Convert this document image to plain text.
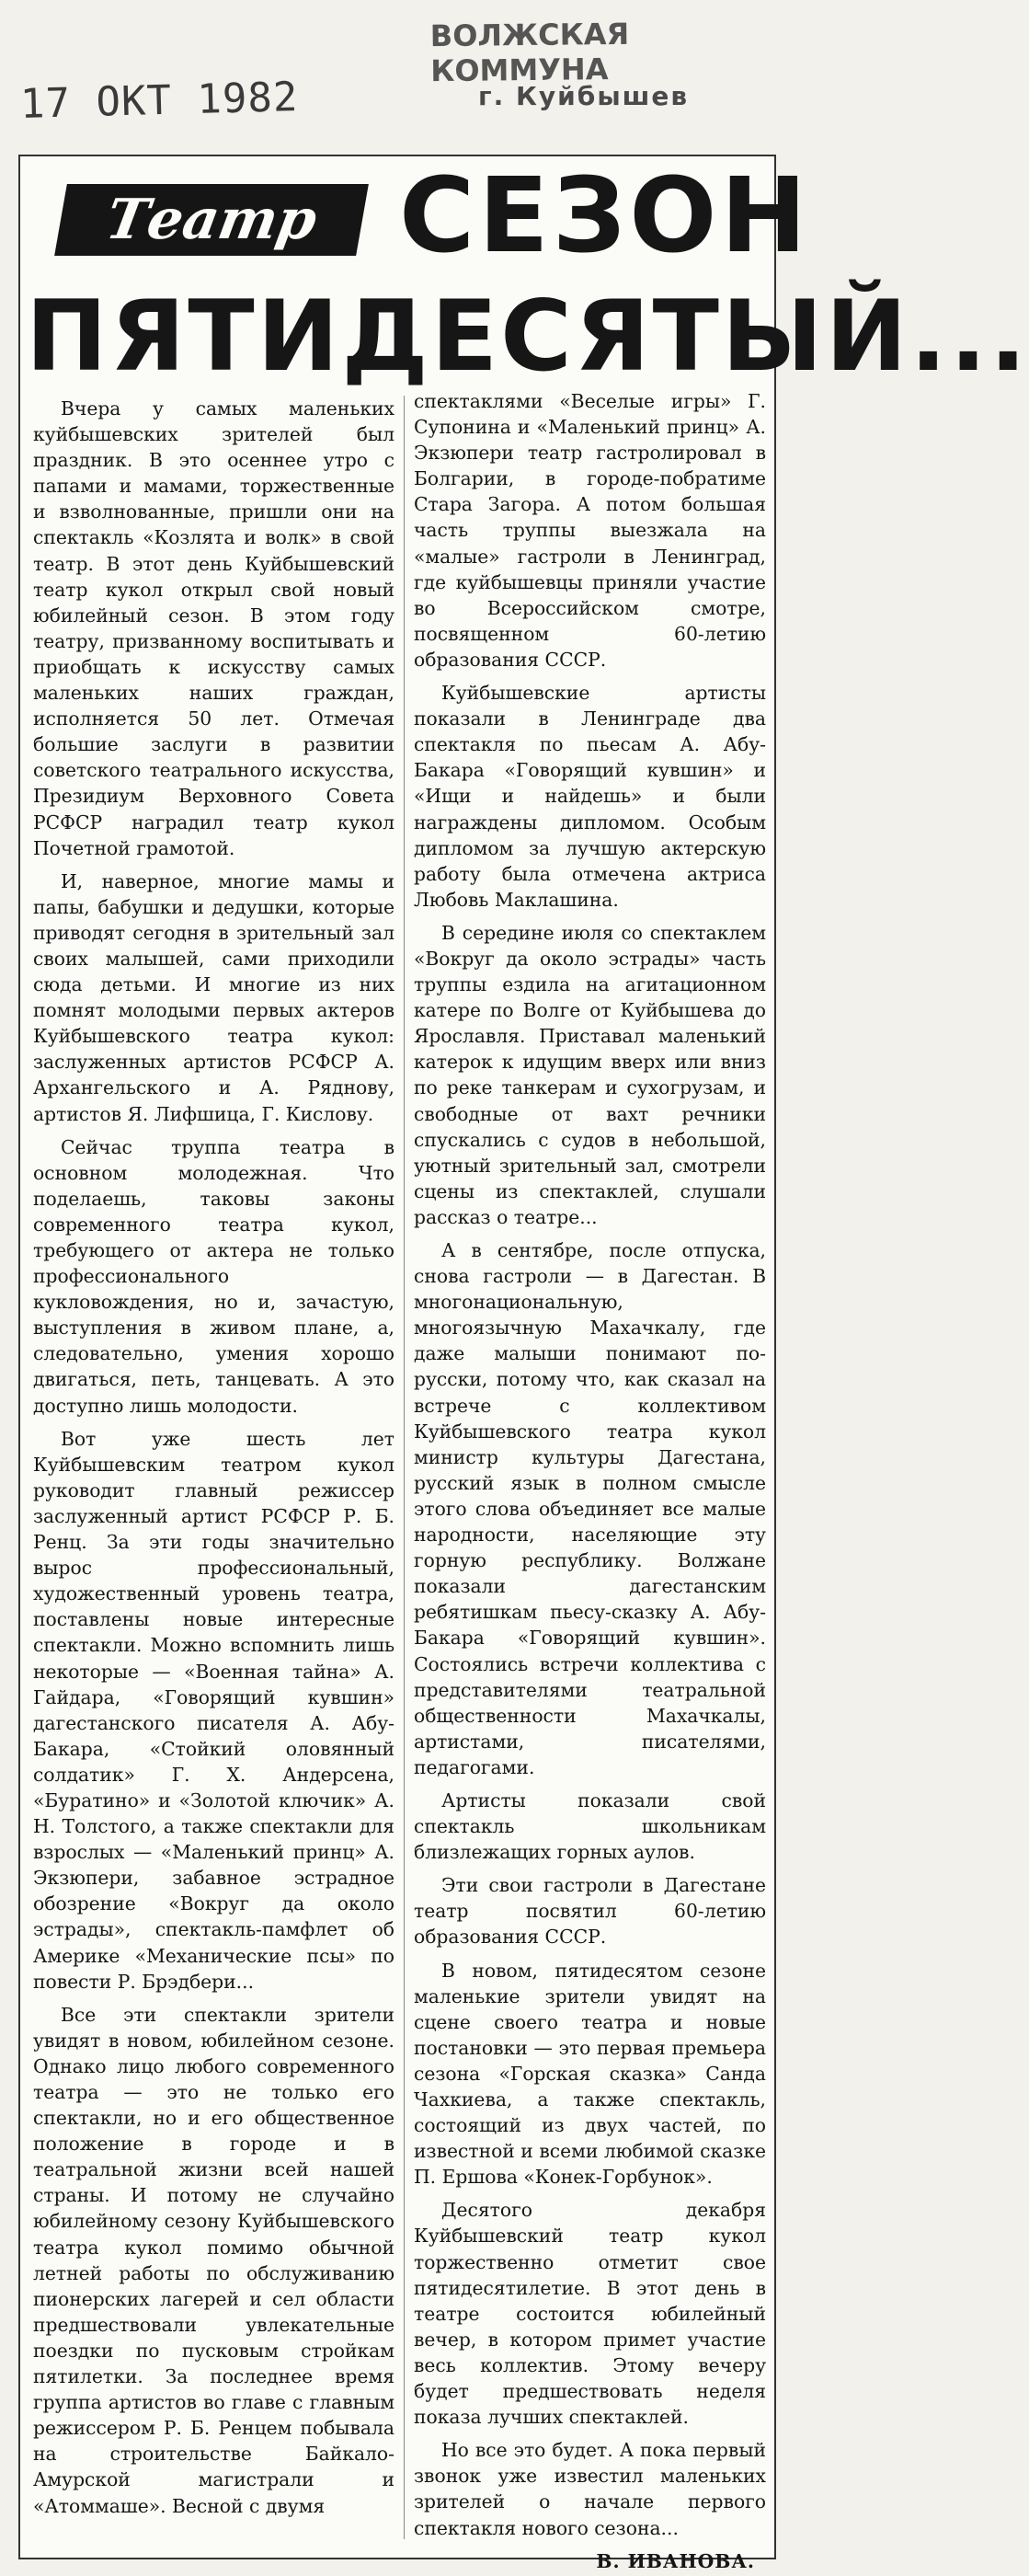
17 ОКТ 1982
ВОЛЖСКАЯ КОММУНА
г. Куйбышев
Театр СЕЗОН
ПЯТИДЕСЯТЫЙ...

Вчера у самых маленьких куйбышевских зрителей был праздник. В это осеннее утро с папами и мамами, торжественные и взволнованные, пришли они на спектакль «Козлята и волк» в свой театр. В этот день Куйбышевский театр кукол открыл свой новый юбилейный сезон. В этом году театру, призванному воспитывать и приобщать к искусству самых маленьких наших граждан, исполняется 50 лет. Отмечая большие заслуги в развитии советского театрального искусства, Президиум Верховного Совета РСФСР наградил театр кукол Почетной грамотой.

И, наверное, многие мамы и папы, бабушки и дедушки, которые приводят сегодня в зрительный зал своих малышей, сами приходили сюда детьми. И многие из них помнят молодыми первых актеров Куйбышевского театра кукол: заслуженных артистов РСФСР А. Архангельского и А. Ряднову, артистов Я. Лифшица, Г. Кислову.

Сейчас труппа театра в основном молодежная. Что поделаешь, таковы законы современного театра кукол, требующего от актера не только профессионального кукловождения, но и, зачастую, выступления в живом плане, а, следовательно, умения хорошо двигаться, петь, танцевать. А это доступно лишь молодости.

Вот уже шесть лет Куйбышевским театром кукол руководит главный режиссер заслуженный артист РСФСР Р. Б. Ренц. За эти годы значительно вырос профессиональный, художественный уровень театра, поставлены новые интересные спектакли. Можно вспомнить лишь некоторые — «Военная тайна» А. Гайдара, «Говорящий кувшин» дагестанского писателя А. Абу-Бакара, «Стойкий оловянный солдатик» Г. Х. Андерсена, «Буратино» и «Золотой ключик» А. Н. Толстого, а также спектакли для взрослых — «Маленький принц» А. Экзюпери, забавное эстрадное обозрение «Вокруг да около эстрады», спектакль-памфлет об Америке «Механические псы» по повести Р. Брэдбери...

Все эти спектакли зрители увидят в новом, юбилейном сезоне. Однако лицо любого современного театра — это не только его спектакли, но и его общественное положение в городе и в театральной жизни всей нашей страны. И потому не случайно юбилейному сезону Куйбышевского театра кукол помимо обычной летней работы по обслуживанию пионерских лагерей и сел области предшествовали увлекательные поездки по пусковым стройкам пятилетки. За последнее время группа артистов во главе с главным режиссером Р. Б. Ренцем побывала на строительстве Байкало-Амурской магистрали и «Атоммаше». Весной с двумя

спектаклями «Веселые игры» Г. Супонина и «Маленький принц» А. Экзюпери театр гастролировал в Болгарии, в городе-побратиме Стара Загора. А потом большая часть труппы выезжала на «малые» гастроли в Ленинград, где куйбышевцы приняли участие во Всероссийском смотре, посвященном 60-летию образования СССР.

Куйбышевские артисты показали в Ленинграде два спектакля по пьесам А. Абу-Бакара «Говорящий кувшин» и «Ищи и найдешь» и были награждены дипломом. Особым дипломом за лучшую актерскую работу была отмечена актриса Любовь Маклашина.

В середине июля со спектаклем «Вокруг да около эстрады» часть труппы ездила на агитационном катере по Волге от Куйбышева до Ярославля. Приставал маленький катерок к идущим вверх или вниз по реке танкерам и сухогрузам, и свободные от вахт речники спускались с судов в небольшой, уютный зрительный зал, смотрели сцены из спектаклей, слушали рассказ о театре...

А в сентябре, после отпуска, снова гастроли — в Дагестан. В многонациональную, многоязычную Махачкалу, где даже малыши понимают по-русски, потому что, как сказал на встрече с коллективом Куйбышевского театра кукол министр культуры Дагестана, русский язык в полном смысле этого слова объединяет все малые народности, населяющие эту горную республику. Волжане показали дагестанским ребятишкам пьесу-сказку А. Абу-Бакара «Говорящий кувшин». Состоялись встречи коллектива с представителями театральной общественности Махачкалы, артистами, писателями, педагогами.

Артисты показали свой спектакль школьникам близлежащих горных аулов.

Эти свои гастроли в Дагестане театр посвятил 60-летию образования СССР.

В новом, пятидесятом сезоне маленькие зрители увидят на сцене своего театра и новые постановки — это первая премьера сезона «Горская сказка» Санда Чахкиева, а также спектакль, состоящий из двух частей, по известной и всеми любимой сказке П. Ершова «Конек-Горбунок».

Десятого декабря Куйбышевский театр кукол торжественно отметит свое пятидесятилетие. В этот день в театре состоится юбилейный вечер, в котором примет участие весь коллектив. Этому вечеру будет предшествовать неделя показа лучших спектаклей.

Но все это будет. А пока первый звонок уже известил маленьких зрителей о начале первого спектакля нового сезона...

В. ИВАНОВА.
